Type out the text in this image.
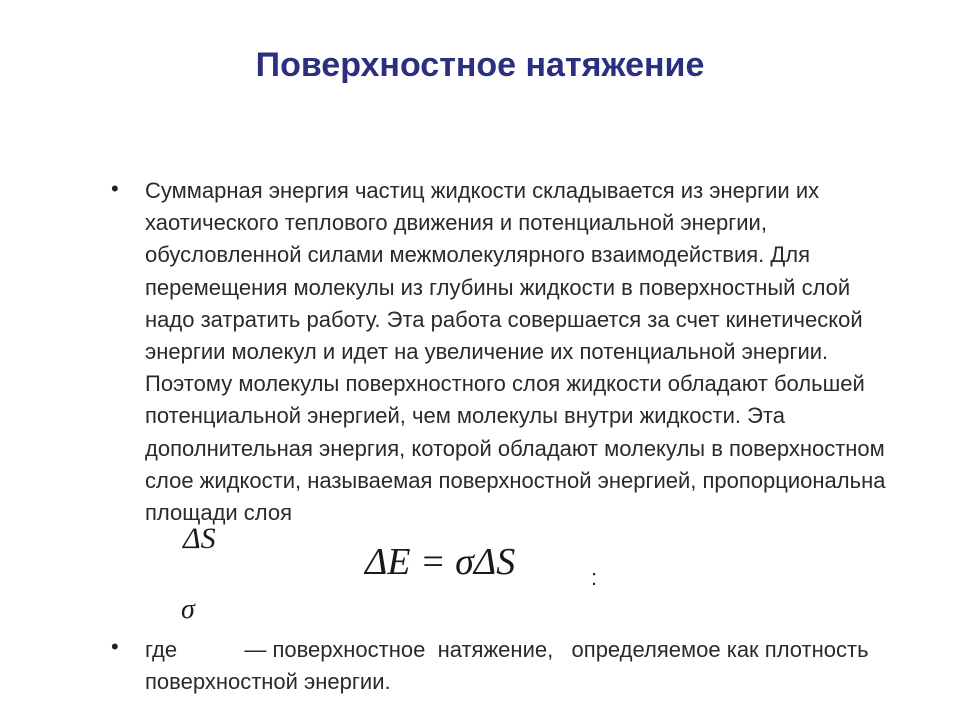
Поверхностное натяжение
• Суммарная энергия частиц жидкости складывается из энергии их хаотического теплового движения и потенциальной энергии, обусловленной силами межмолекулярного взаимодействия. Для перемещения молекулы из глубины жидкости в поверхностный слой надо затратить работу. Эта работа совершается за счет кинетической энергии молекул и идет на увеличение их потенциальной энергии. Поэтому молекулы поверхностного слоя жидкости обладают большей потенциальной энергией, чем молекулы внутри жидкости. Эта дополнительная энергия, которой обладают молекулы в поверхностном слое жидкости, называемая поверхностной энергией, пропорциональна площади слоя
ΔS
ΔE = σΔS	:
σ
• где           — поверхностное  натяжение,   определяемое как плотность поверхностной энергии.
